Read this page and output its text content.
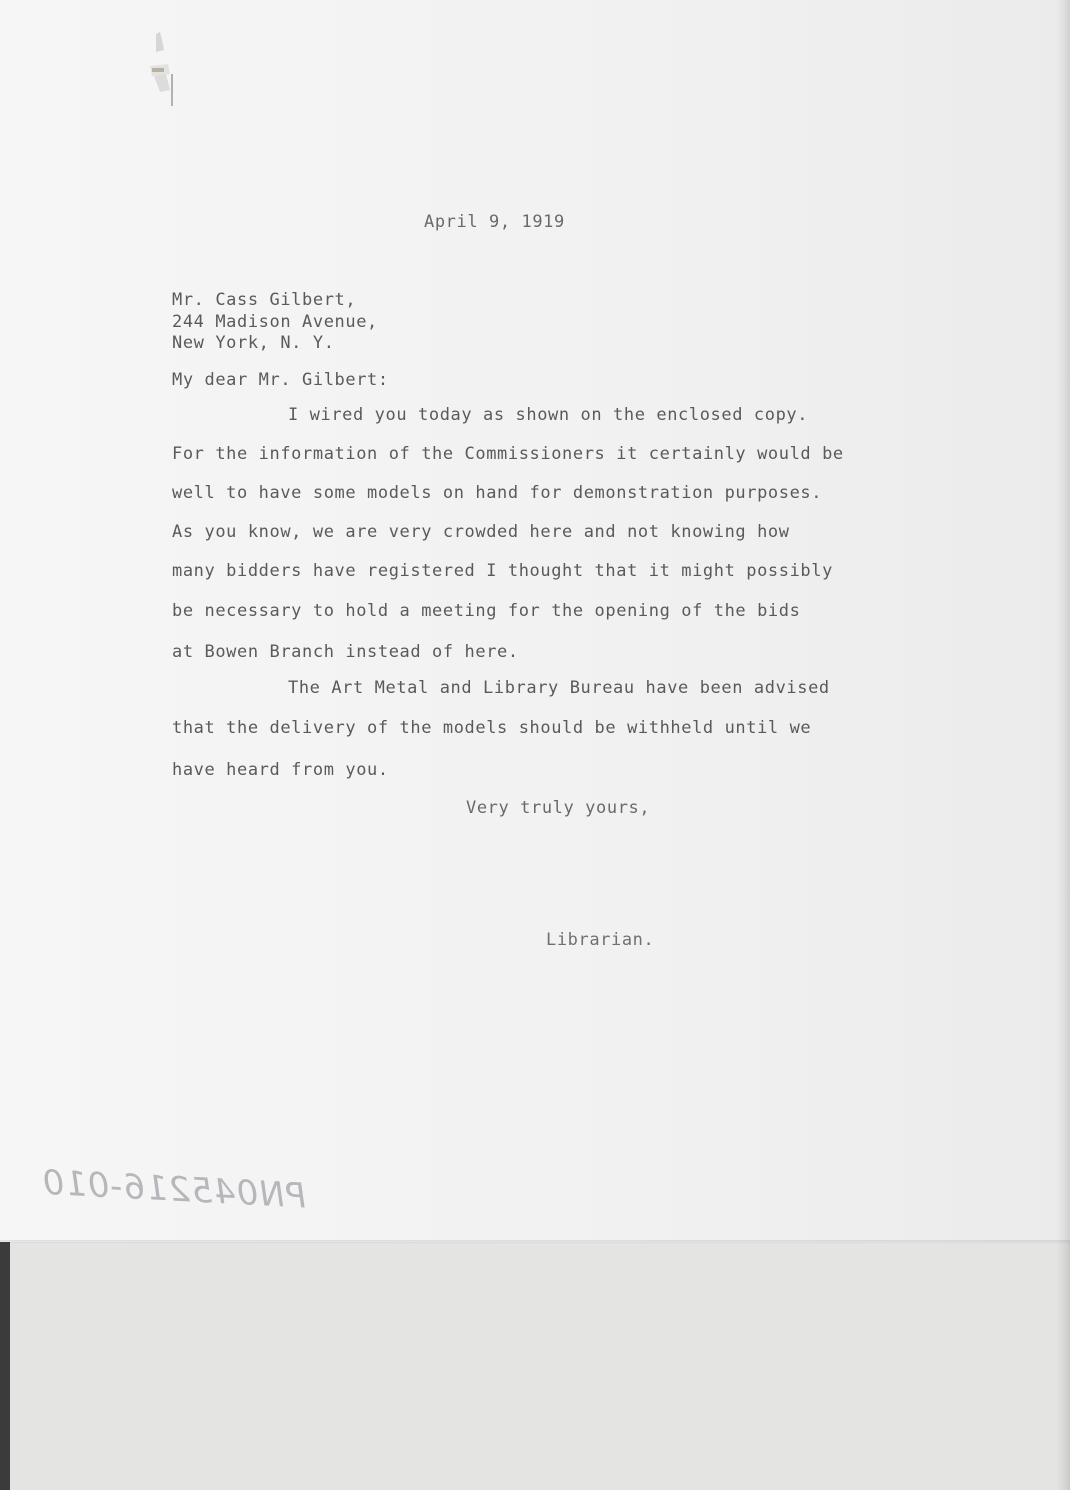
April 9, 1919
Mr. Cass Gilbert,
244 Madison Avenue,
New York, N. Y.
My dear Mr. Gilbert:
I wired you today as shown on the enclosed copy.
For the information of the Commissioners it certainly would be
well to have some models on hand for demonstration purposes.
As you know, we are very crowded here and not knowing how
many bidders have registered I thought that it might possibly
be necessary to hold a meeting for the opening of the bids
at Bowen Branch instead of here.
The Art Metal and Library Bureau have been advised
that the delivery of the models should be withheld until we
have heard from you.
Very truly yours,
Librarian.
PN045216-010
